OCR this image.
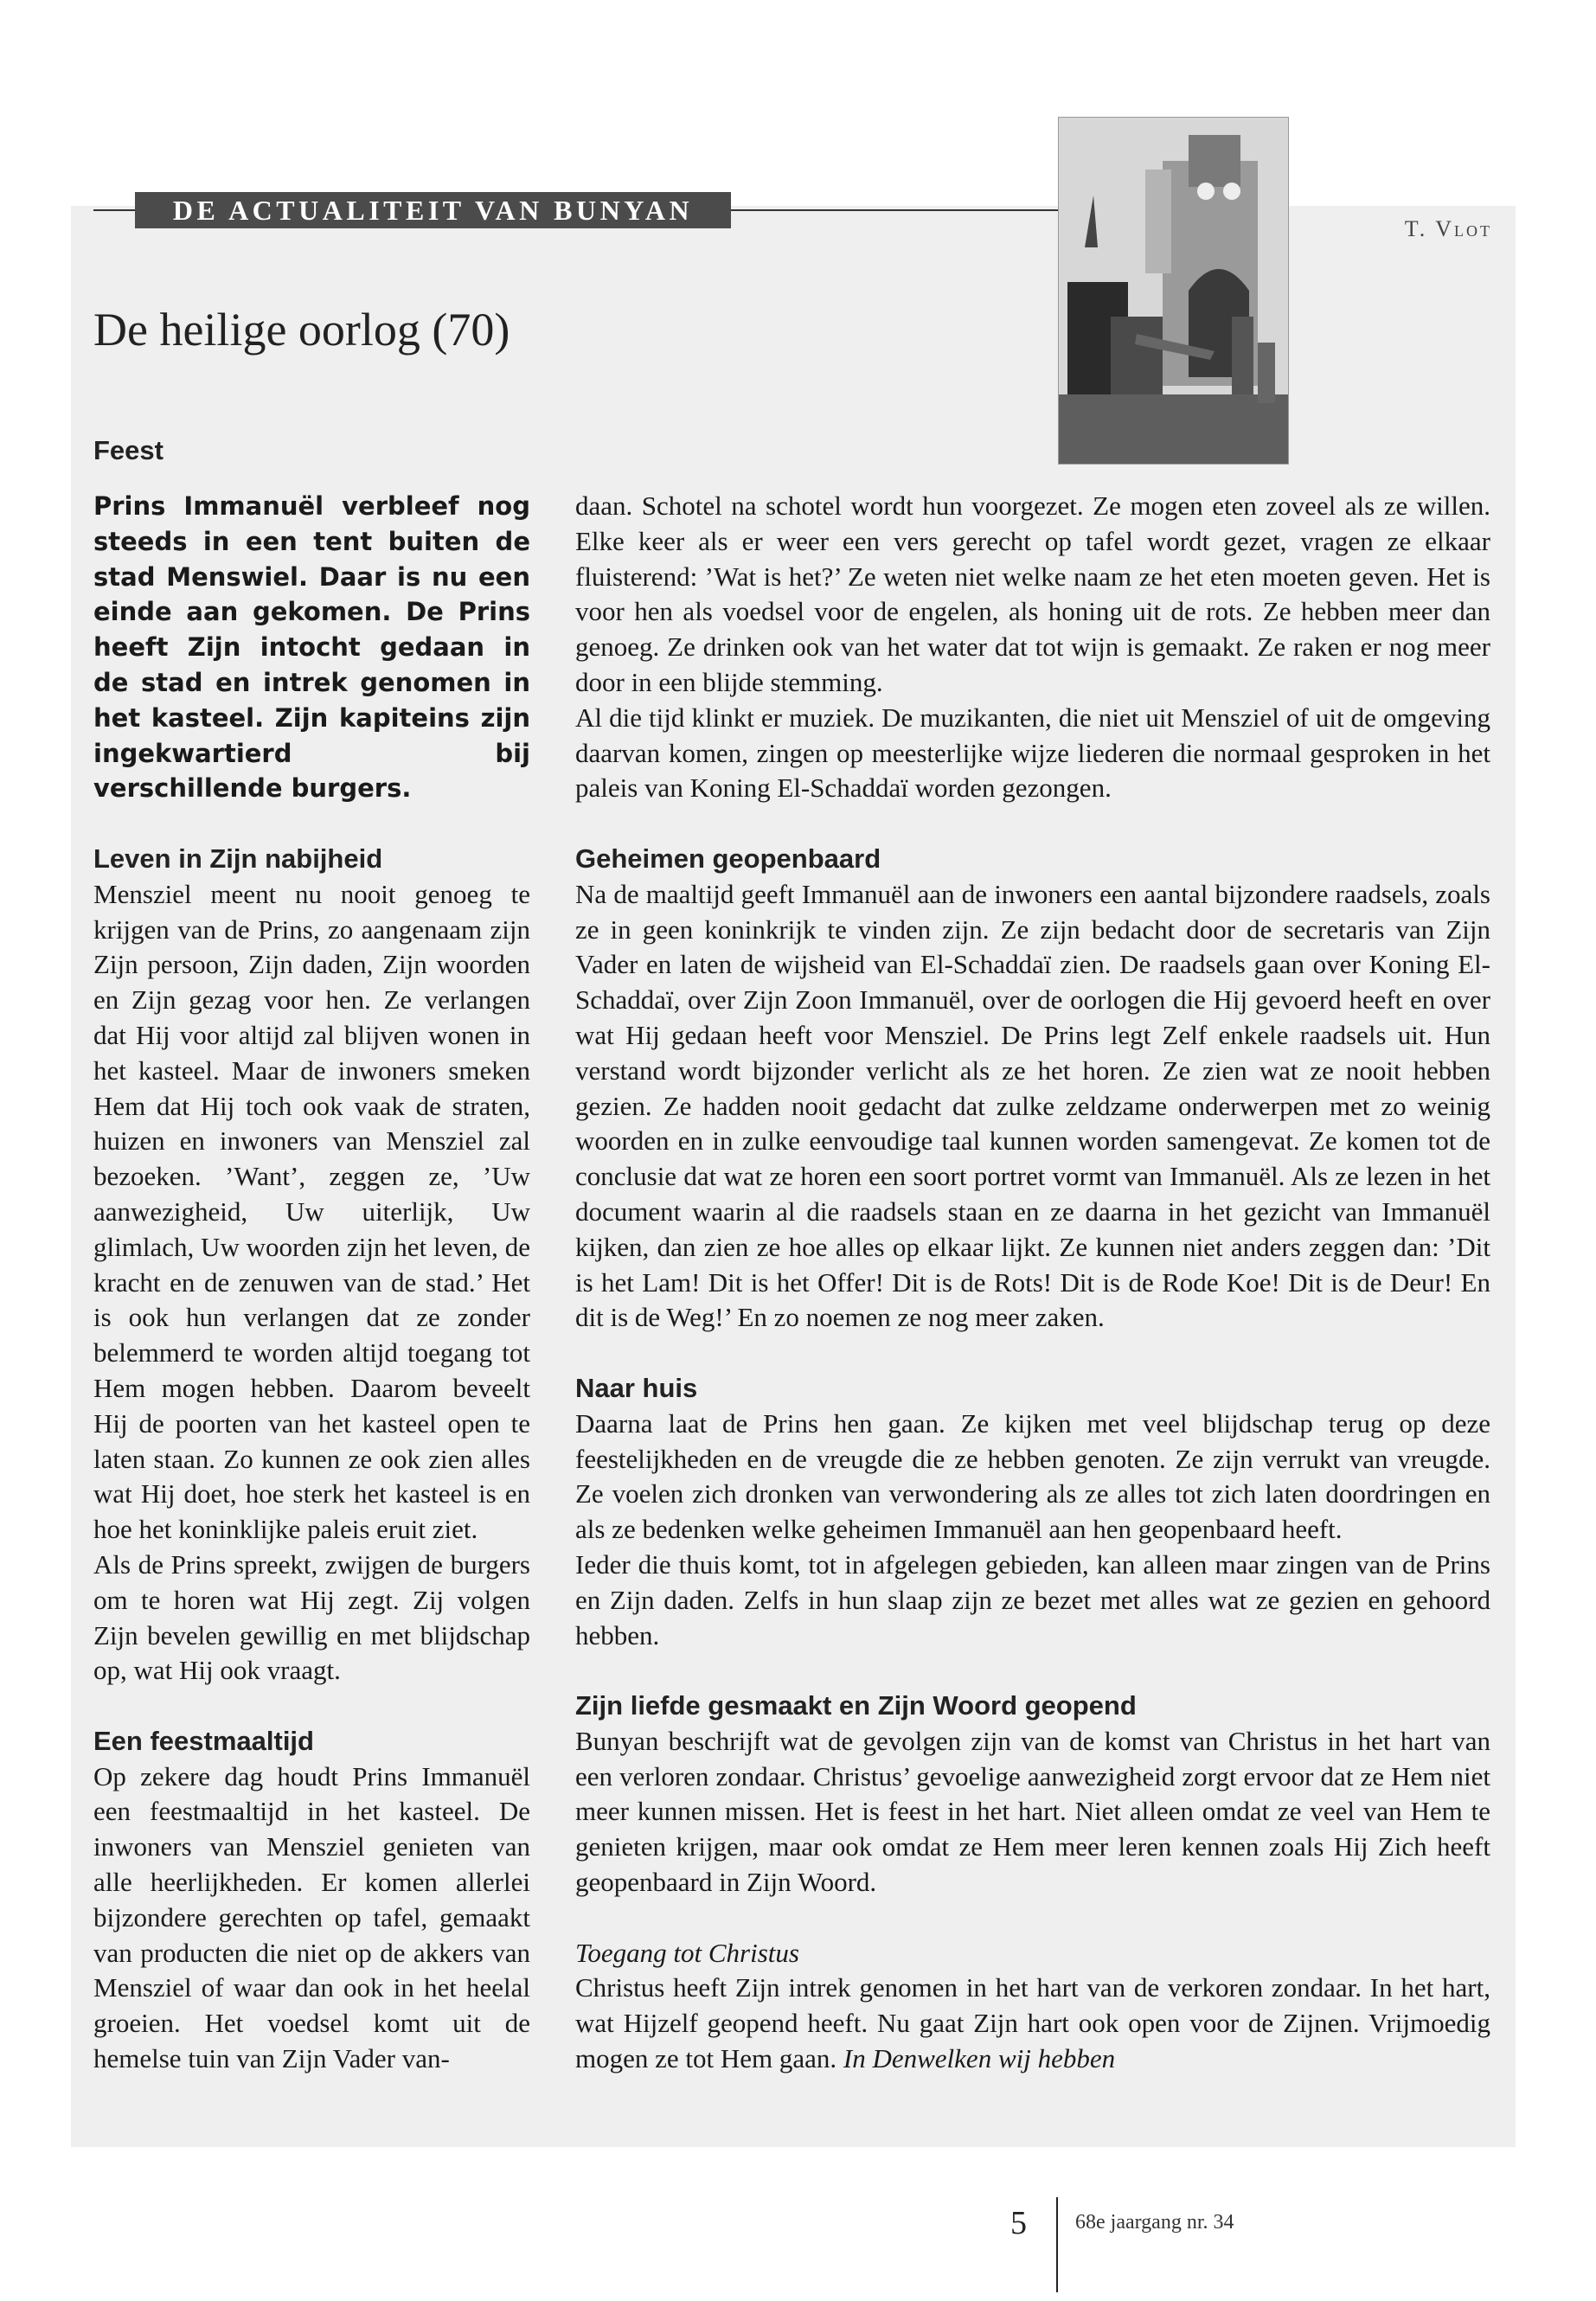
DE ACTUALITEIT VAN BUNYAN
T. Vlot
De heilige oorlog (70)
Feest

Prins Immanuël verbleef nog steeds in een tent buiten de stad Menswiel. Daar is nu een einde aan gekomen. De Prins heeft Zijn intocht gedaan in de stad en intrek genomen in het kasteel. Zijn kapiteins zijn ingekwartierd bij verschillende burgers.

Leven in Zijn nabijheid

Mensziel meent nu nooit genoeg te krijgen van de Prins, zo aangenaam zijn Zijn persoon, Zijn daden, Zijn woorden en Zijn gezag voor hen. Ze verlangen dat Hij voor altijd zal blijven wonen in het kasteel. Maar de inwoners smeken Hem dat Hij toch ook vaak de straten, huizen en inwoners van Mensziel zal bezoeken. ’Want’, zeggen ze, ’Uw aanwezigheid, Uw uiterlijk, Uw glimlach, Uw woorden zijn het leven, de kracht en de zenuwen van de stad.’ Het is ook hun verlangen dat ze zonder belemmerd te worden altijd toegang tot Hem mogen hebben. Daarom beveelt Hij de poorten van het kasteel open te laten staan. Zo kunnen ze ook zien alles wat Hij doet, hoe sterk het kasteel is en hoe het koninklijke paleis eruit ziet.

Als de Prins spreekt, zwijgen de burgers om te horen wat Hij zegt. Zij volgen Zijn bevelen gewillig en met blijdschap op, wat Hij ook vraagt.

Een feestmaaltijd

Op zekere dag houdt Prins Immanuël een feestmaaltijd in het kasteel. De inwoners van Mensziel genieten van alle heerlijkheden. Er komen allerlei bijzondere gerechten op tafel, gemaakt van producten die niet op de akkers van Mensziel of waar dan ook in het heelal groeien. Het voedsel komt uit de hemelse tuin van Zijn Vader van-

daan. Schotel na schotel wordt hun voorgezet. Ze mogen eten zoveel als ze willen. Elke keer als er weer een vers gerecht op tafel wordt gezet, vragen ze elkaar fluisterend: ’Wat is het?’ Ze weten niet welke naam ze het eten moeten geven. Het is voor hen als voedsel voor de engelen, als honing uit de rots. Ze hebben meer dan genoeg. Ze drinken ook van het water dat tot wijn is gemaakt. Ze raken er nog meer door in een blijde stemming.

Al die tijd klinkt er muziek. De muzikanten, die niet uit Mensziel of uit de omgeving daarvan komen, zingen op meesterlijke wijze liederen die normaal gesproken in het paleis van Koning El-Schaddaï worden gezongen.

Geheimen geopenbaard

Na de maaltijd geeft Immanuël aan de inwoners een aantal bijzondere raadsels, zoals ze in geen koninkrijk te vinden zijn. Ze zijn bedacht door de secretaris van Zijn Vader en laten de wijsheid van El-Schaddaï zien. De raadsels gaan over Koning El-Schaddaï, over Zijn Zoon Immanuël, over de oorlogen die Hij gevoerd heeft en over wat Hij gedaan heeft voor Mensziel. De Prins legt Zelf enkele raadsels uit. Hun verstand wordt bijzonder verlicht als ze het horen. Ze zien wat ze nooit hebben gezien. Ze hadden nooit gedacht dat zulke zeldzame onderwerpen met zo weinig woorden en in zulke eenvoudige taal kunnen worden samengevat. Ze komen tot de conclusie dat wat ze horen een soort portret vormt van Immanuël. Als ze lezen in het document waarin al die raadsels staan en ze daarna in het gezicht van Immanuël kijken, dan zien ze hoe alles op elkaar lijkt. Ze kunnen niet anders zeggen dan: ’Dit is het Lam! Dit is het Offer! Dit is de Rots! Dit is de Rode Koe! Dit is de Deur! En dit is de Weg!’ En zo noemen ze nog meer zaken.

Naar huis

Daarna laat de Prins hen gaan. Ze kijken met veel blijdschap terug op deze feestelijkheden en de vreugde die ze hebben genoten. Ze zijn verrukt van vreugde. Ze voelen zich dronken van verwondering als ze alles tot zich laten doordringen en als ze bedenken welke geheimen Immanuël aan hen geopenbaard heeft.

Ieder die thuis komt, tot in afgelegen gebieden, kan alleen maar zingen van de Prins en Zijn daden. Zelfs in hun slaap zijn ze bezet met alles wat ze gezien en gehoord hebben.

Zijn liefde gesmaakt en Zijn Woord geopend

Bunyan beschrijft wat de gevolgen zijn van de komst van Christus in het hart van een verloren zondaar. Christus’ gevoelige aanwezigheid zorgt ervoor dat ze Hem niet meer kunnen missen. Het is feest in het hart. Niet alleen omdat ze veel van Hem te genieten krijgen, maar ook omdat ze Hem meer leren kennen zoals Hij Zich heeft geopenbaard in Zijn Woord.

Toegang tot Christus

Christus heeft Zijn intrek genomen in het hart van de verkoren zondaar. In het hart, wat Hijzelf geopend heeft. Nu gaat Zijn hart ook open voor de Zijnen. Vrijmoedig mogen ze tot Hem gaan. In Denwelken wij hebben

5 68e jaargang nr. 34
